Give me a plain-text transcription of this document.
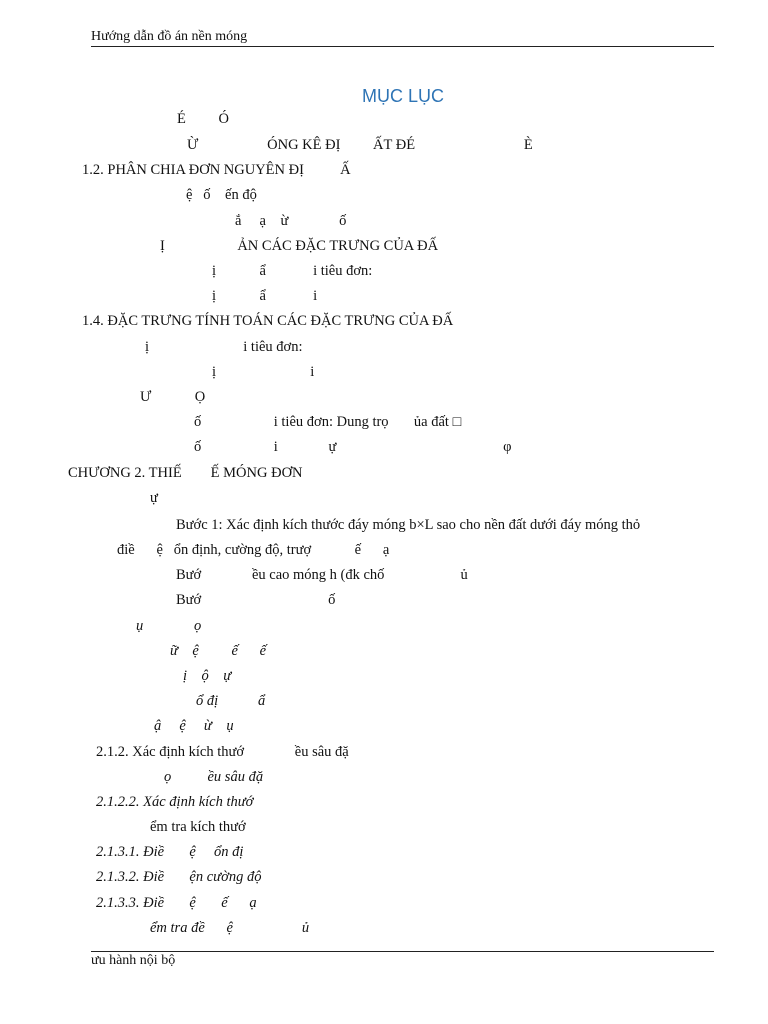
Hướng dẫn đồ án nền móng
MỤC LỤC
É         Ó
Ừ                   ÓNG KÊ ĐỊ         ẤT ĐÉ                              È
1.2. PHÂN CHIA ĐƠN NGUYÊN ĐỊ          Ấ
ệ   ố    ến độ
ắ     ạ    ừ              ố
Ị                    ẢN CÁC ĐẶC TRƯNG CỦA ĐẤ
ị            ẩ             i tiêu đơn:
ị            ẩ             i
1.4. ĐẶC TRƯNG TÍNH TOÁN CÁC ĐẶC TRƯNG CỦA ĐẤ
ị                          i tiêu đơn:
ị                          i
Ư            Ọ
ố                    i tiêu đơn: Dung trọ       ủa đất □
ố                    i              ự                                              φ
CHƯƠNG 2. THIẾ        Ế MÓNG ĐƠN
ự
Bước 1: Xác định kích thước đáy móng b×L sao cho nền đất dưới đáy móng thỏ
điề      ệ   ổn định, cường độ, trượ            ế      ạ
Bướ              ều cao móng h (đk chố                     ủ
Bướ                                   ố
ụ              ọ
ữ    ệ         ế      ế
ị    ộ    ự
ổ đị           ẩ
ậ     ệ     ừ    ụ
2.1.2. Xác định kích thướ              ều sâu đặ
ọ          ều sâu đặ
2.1.2.2. Xác định kích thướ
ểm tra kích thướ
2.1.3.1. Điề       ệ     ổn đị
2.1.3.2. Điề       ện cường độ
2.1.3.3. Điề       ệ       ế      ạ
ểm tra đề      ệ                   ủ
ưu hành nội bộ
